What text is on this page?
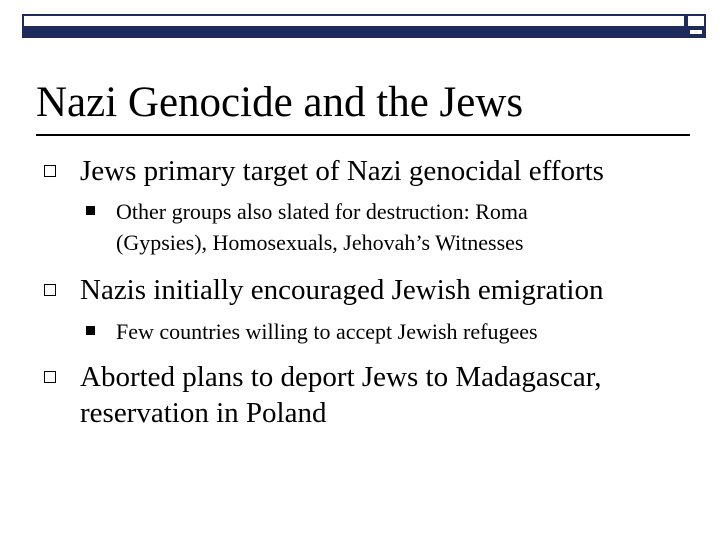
Nazi Genocide and the Jews
Jews primary target of Nazi genocidal efforts
Other groups also slated for destruction: Roma
(Gypsies), Homosexuals, Jehovah’s Witnesses
Nazis initially encouraged Jewish emigration
Few countries willing to accept Jewish refugees
Aborted plans to deport Jews to Madagascar,
reservation in Poland
